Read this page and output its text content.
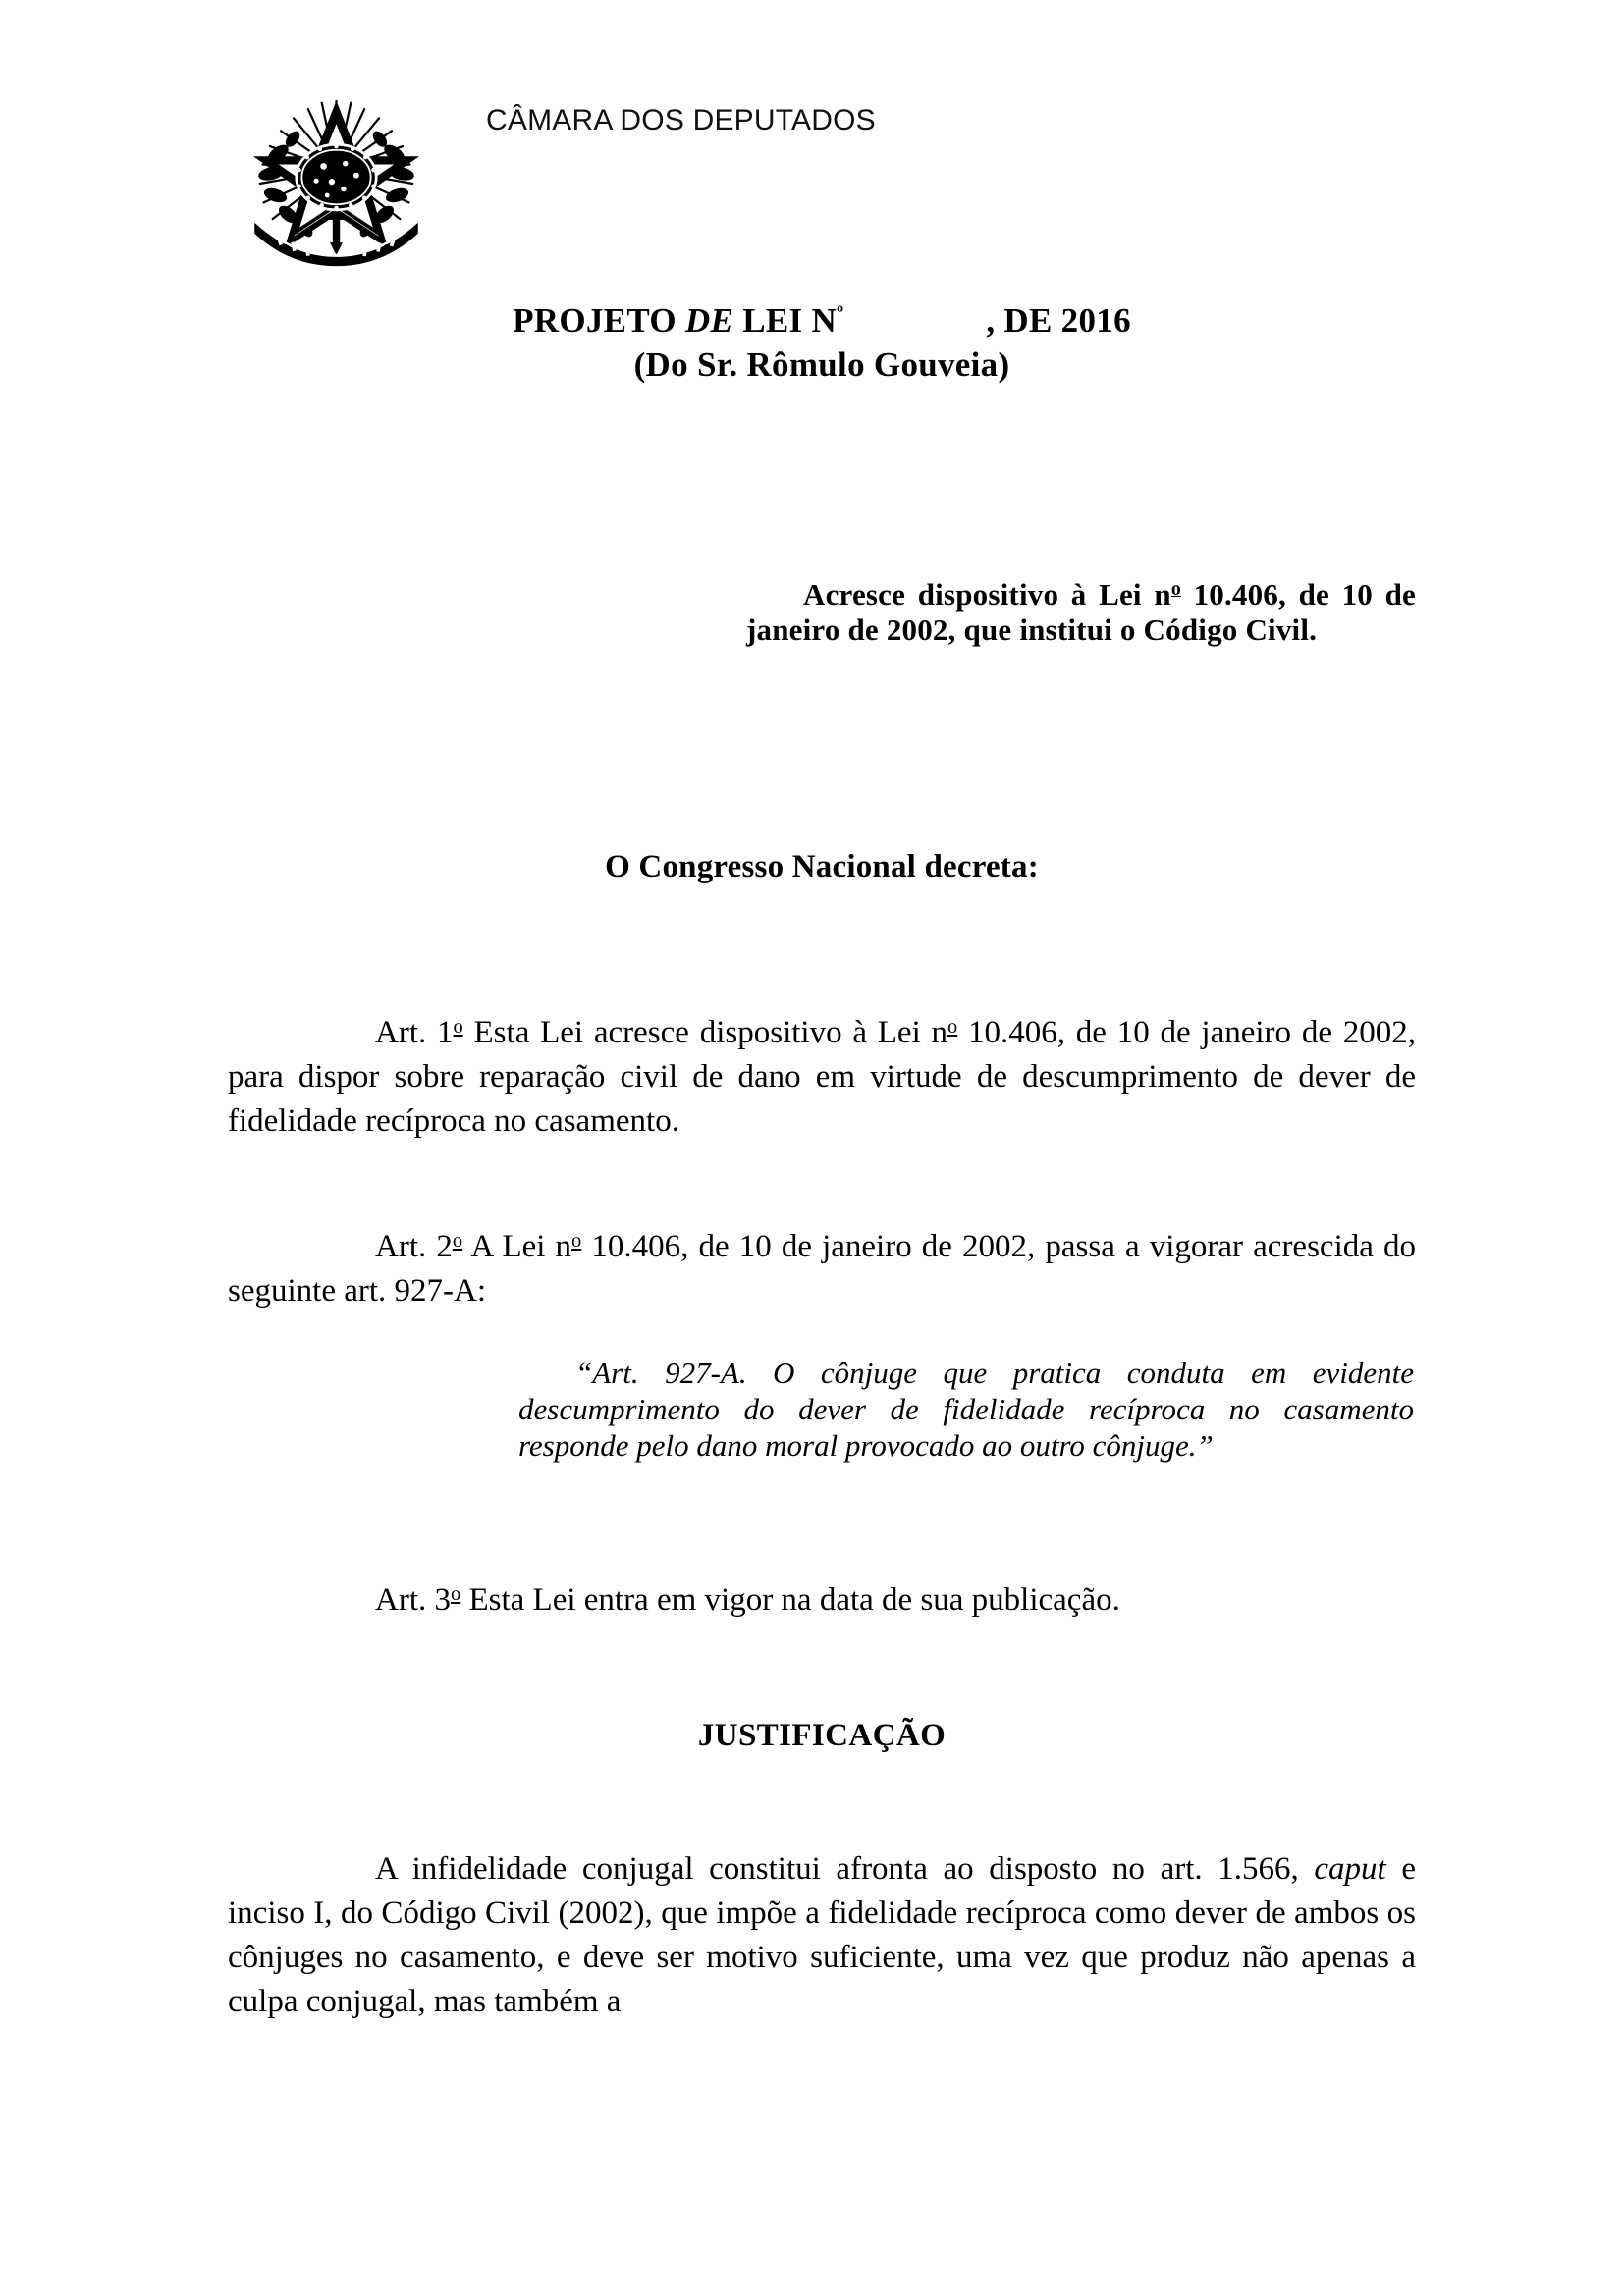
CÂMARA DOS DEPUTADOS
PROJETO DE LEI $N^º$	, DE 2016
(Do Sr. Rômulo Gouveia)
Acresce dispositivo à Lei $n^o$ 10.406, de 10 de janeiro de 2002, que institui o Código Civil.
O Congresso Nacional decreta:
Art. 1$^o$ Esta Lei acresce dispositivo à Lei $n^o$ 10.406, de 10 de janeiro de 2002, para dispor sobre reparação civil de dano em virtude de descumprimento de dever de fidelidade recíproca no casamento.
Art. 2$^o$ A Lei $n^o$ 10.406, de 10 de janeiro de 2002, passa a vigorar acrescida do seguinte art. 927-A:
“Art. 927-A. O cônjuge que pratica conduta em evidente descumprimento do dever de fidelidade recíproca no casamento responde pelo dano moral provocado ao outro cônjuge.”
Art. 3$^o$ Esta Lei entra em vigor na data de sua publicação.
JUSTIFICAÇÃO
A infidelidade conjugal constitui afronta ao disposto no art. 1.566, caput e inciso I, do Código Civil (2002), que impõe a fidelidade recíproca como dever de ambos os cônjuges no casamento, e deve ser motivo suficiente, uma vez que produz não apenas a culpa conjugal, mas também a
